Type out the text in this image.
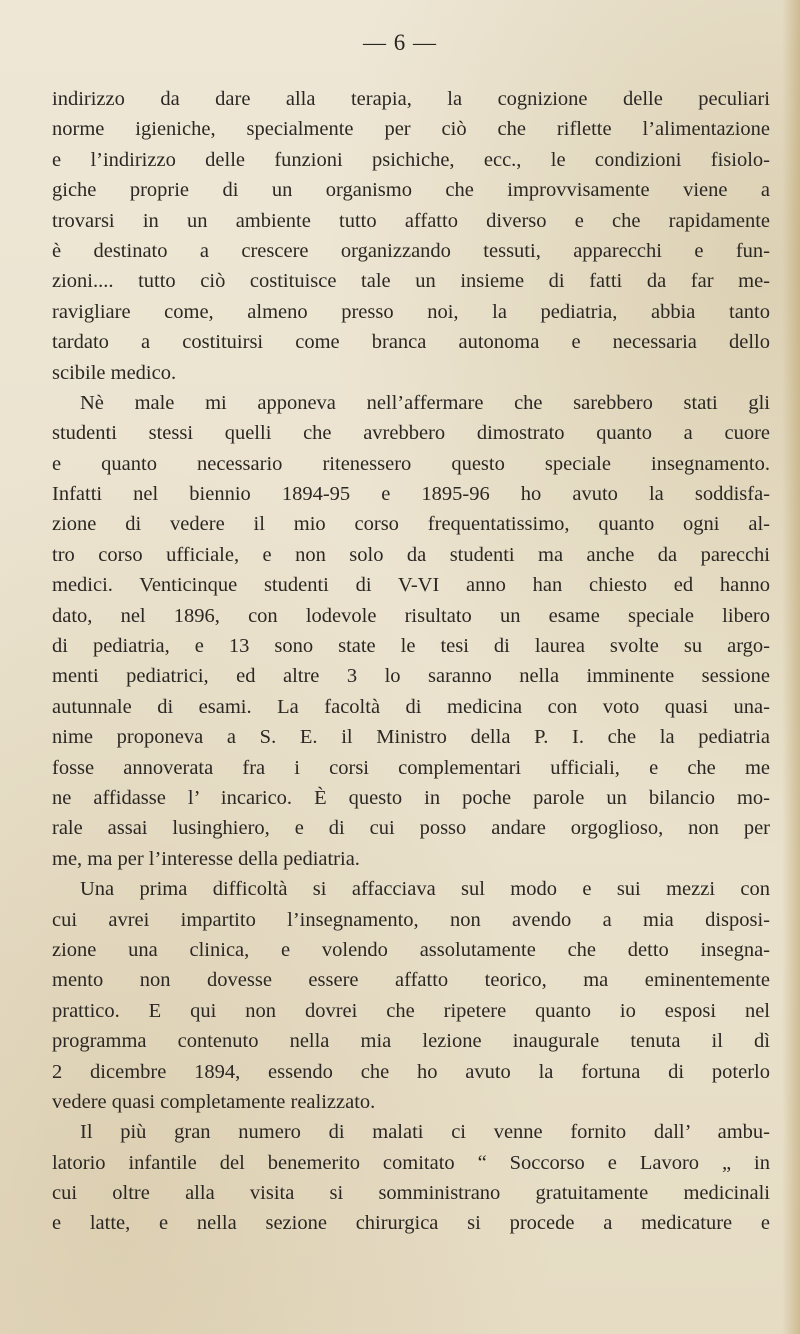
— 6 —
indirizzo da dare alla terapia, la cognizione delle peculiari
norme igieniche, specialmente per ciò che riflette l’alimentazione
e l’indirizzo delle funzioni psichiche, ecc., le condizioni fisiolo-
giche proprie di un organismo che improvvisamente viene a
trovarsi in un ambiente tutto affatto diverso e che rapidamente
è destinato a crescere organizzando tessuti, apparecchi e fun-
zioni.... tutto ciò costituisce tale un insieme di fatti da far me-
ravigliare come, almeno presso noi, la pediatria, abbia tanto
tardato a costituirsi come branca autonoma e necessaria dello
scibile medico.
Nè male mi apponeva nell’affermare che sarebbero stati gli
studenti stessi quelli che avrebbero dimostrato quanto a cuore
e quanto necessario ritenessero questo speciale insegnamento.
Infatti nel biennio 1894-95 e 1895-96 ho avuto la soddisfa-
zione di vedere il mio corso frequentatissimo, quanto ogni al-
tro corso ufficiale, e non solo da studenti ma anche da parecchi
medici. Venticinque studenti di V-VI anno han chiesto ed hanno
dato, nel 1896, con lodevole risultato un esame speciale libero
di pediatria, e 13 sono state le tesi di laurea svolte su argo-
menti pediatrici, ed altre 3 lo saranno nella imminente sessione
autunnale di esami. La facoltà di medicina con voto quasi una-
nime proponeva a S. E. il Ministro della P. I. che la pediatria
fosse annoverata fra i corsi complementari ufficiali, e che me
ne affidasse l’ incarico. È questo in poche parole un bilancio mo-
rale assai lusinghiero, e di cui posso andare orgoglioso, non per
me, ma per l’interesse della pediatria.
Una prima difficoltà si affacciava sul modo e sui mezzi con
cui avrei impartito l’insegnamento, non avendo a mia disposi-
zione una clinica, e volendo assolutamente che detto insegna-
mento non dovesse essere affatto teorico, ma eminentemente
prattico. E qui non dovrei che ripetere quanto io esposi nel
programma contenuto nella mia lezione inaugurale tenuta il dì
2 dicembre 1894, essendo che ho avuto la fortuna di poterlo
vedere quasi completamente realizzato.
Il più gran numero di malati ci venne fornito dall’ ambu-
latorio infantile del benemerito comitato “ Soccorso e Lavoro „ in
cui oltre alla visita si somministrano gratuitamente medicinali
e latte, e nella sezione chirurgica si procede a medicature e
